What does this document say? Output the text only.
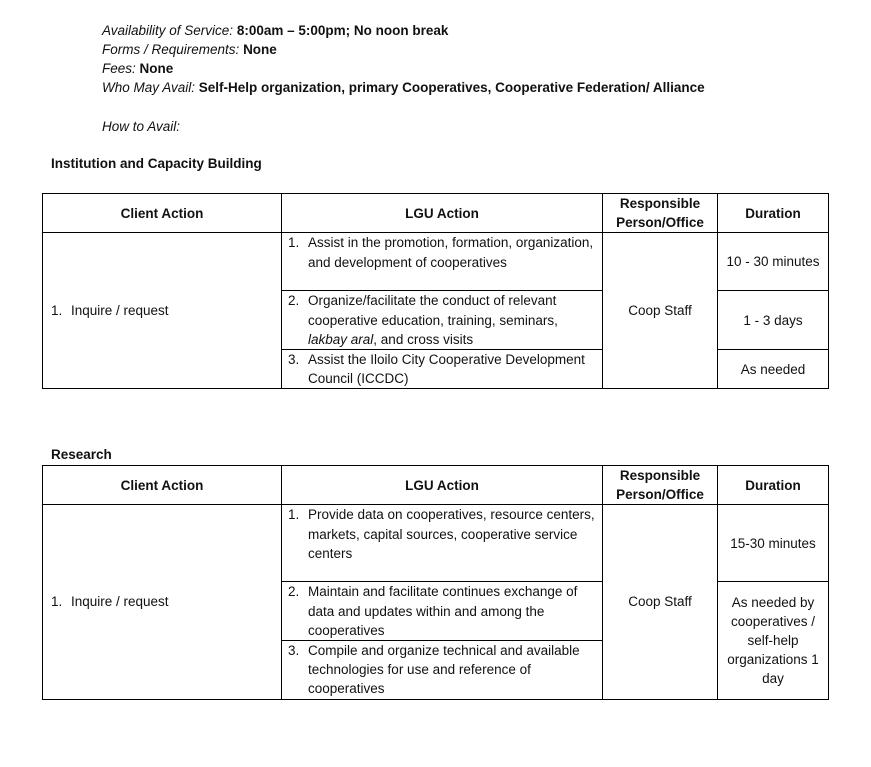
Availability of Service: 8:00am – 5:00pm; No noon break
Forms / Requirements: None
Fees: None
Who May Avail: Self-Help organization, primary Cooperatives, Cooperative Federation/ Alliance
How to Avail:
Institution and Capacity Building
Client Action	LGU Action	Responsible Person/Office	Duration

1. Inquire / request	1. Assist in the promotion, formation, organization, and development of cooperatives	Coop Staff	10 - 30 minutes

	2. Organize/facilitate the conduct of relevant cooperative education, training, seminars, lakbay aral, and cross visits		1 - 3 days

	3. Assist the Iloilo City Cooperative Development Council (ICCDC)		As needed
Research
Client Action	LGU Action	Responsible Person/Office	Duration

1. Inquire / request	1. Provide data on cooperatives, resource centers, markets, capital sources, cooperative service centers	Coop Staff	15-30 minutes

	2. Maintain and facilitate continues exchange of data and updates within and among the cooperatives		As needed by cooperatives / self-help organizations 1 day

	3. Compile and organize technical and available technologies for use and reference of cooperatives		
